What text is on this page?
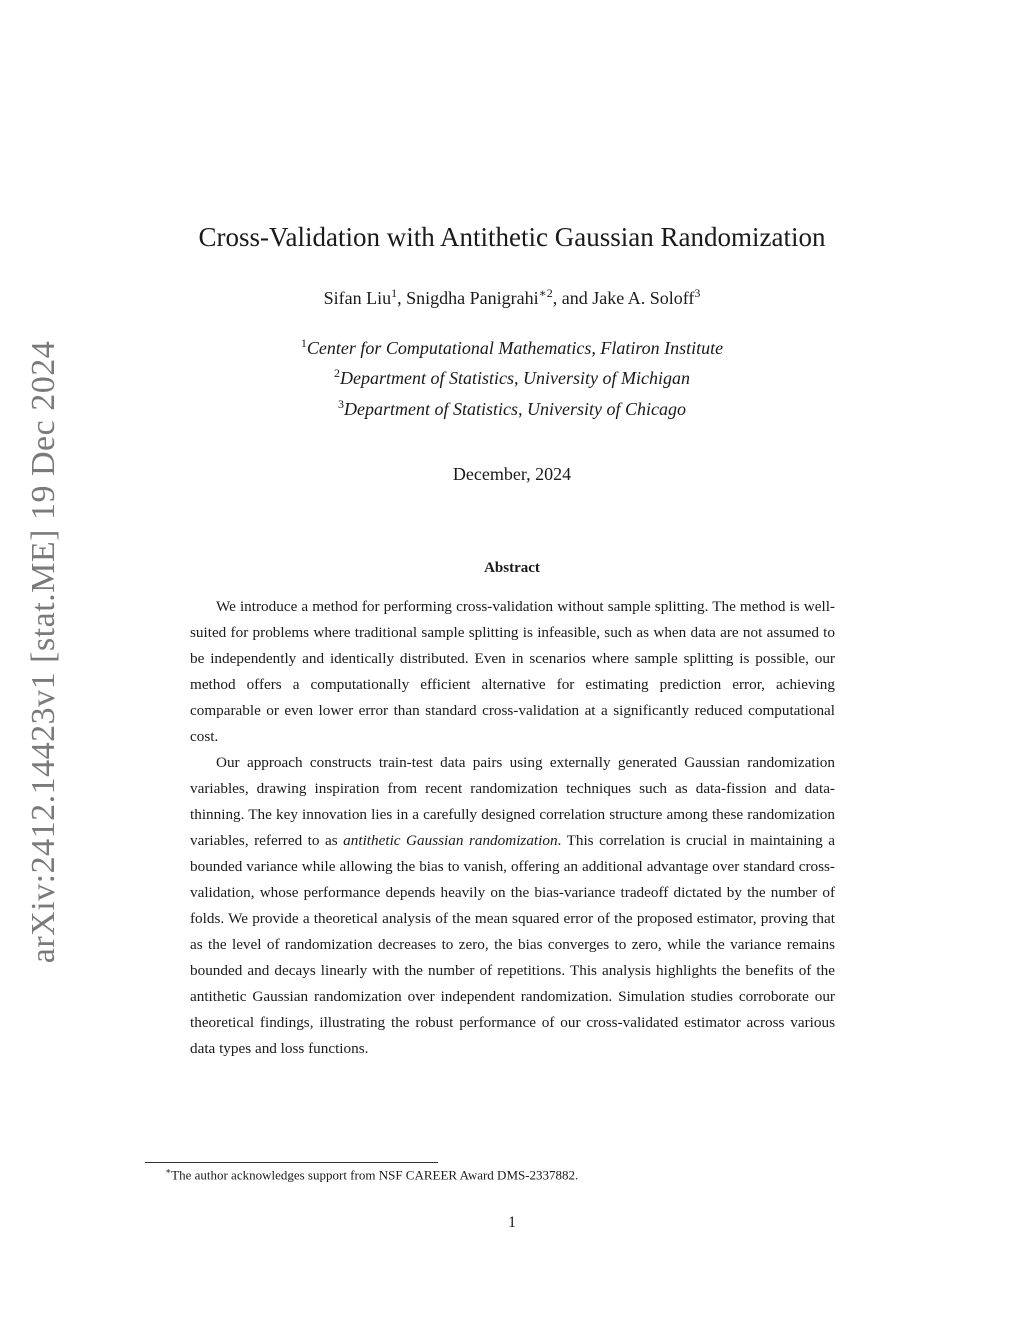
arXiv:2412.14423v1 [stat.ME] 19 Dec 2024
Cross-Validation with Antithetic Gaussian Randomization
Sifan Liu$^1$, Snigdha Panigrahi$^{∗2}$, and Jake A. Soloff$^3$
$^1$Center for Computational Mathematics, Flatiron Institute
$^2$Department of Statistics, University of Michigan
$^3$Department of Statistics, University of Chicago
December, 2024
Abstract

We introduce a method for performing cross-validation without sample splitting. The method is well-suited for problems where traditional sample splitting is infeasible, such as when data are not assumed to be independently and identically distributed. Even in scenarios where sample splitting is possible, our method offers a computationally efficient alternative for estimating prediction error, achieving comparable or even lower error than standard cross-validation at a significantly reduced computational cost.

Our approach constructs train-test data pairs using externally generated Gaussian randomization variables, drawing inspiration from recent randomization techniques such as data-fission and data-thinning. The key innovation lies in a carefully designed correlation structure among these randomization variables, referred to as antithetic Gaussian randomization. This correlation is crucial in maintaining a bounded variance while allowing the bias to vanish, offering an additional advantage over standard cross-validation, whose performance depends heavily on the bias-variance tradeoff dictated by the number of folds. We provide a theoretical analysis of the mean squared error of the proposed estimator, proving that as the level of randomization decreases to zero, the bias converges to zero, while the variance remains bounded and decays linearly with the number of repetitions. This analysis highlights the benefits of the antithetic Gaussian randomization over independent randomization. Simulation studies corroborate our theoretical findings, illustrating the robust performance of our cross-validated estimator across various data types and loss functions.

∗The author acknowledges support from NSF CAREER Award DMS-2337882.
1
